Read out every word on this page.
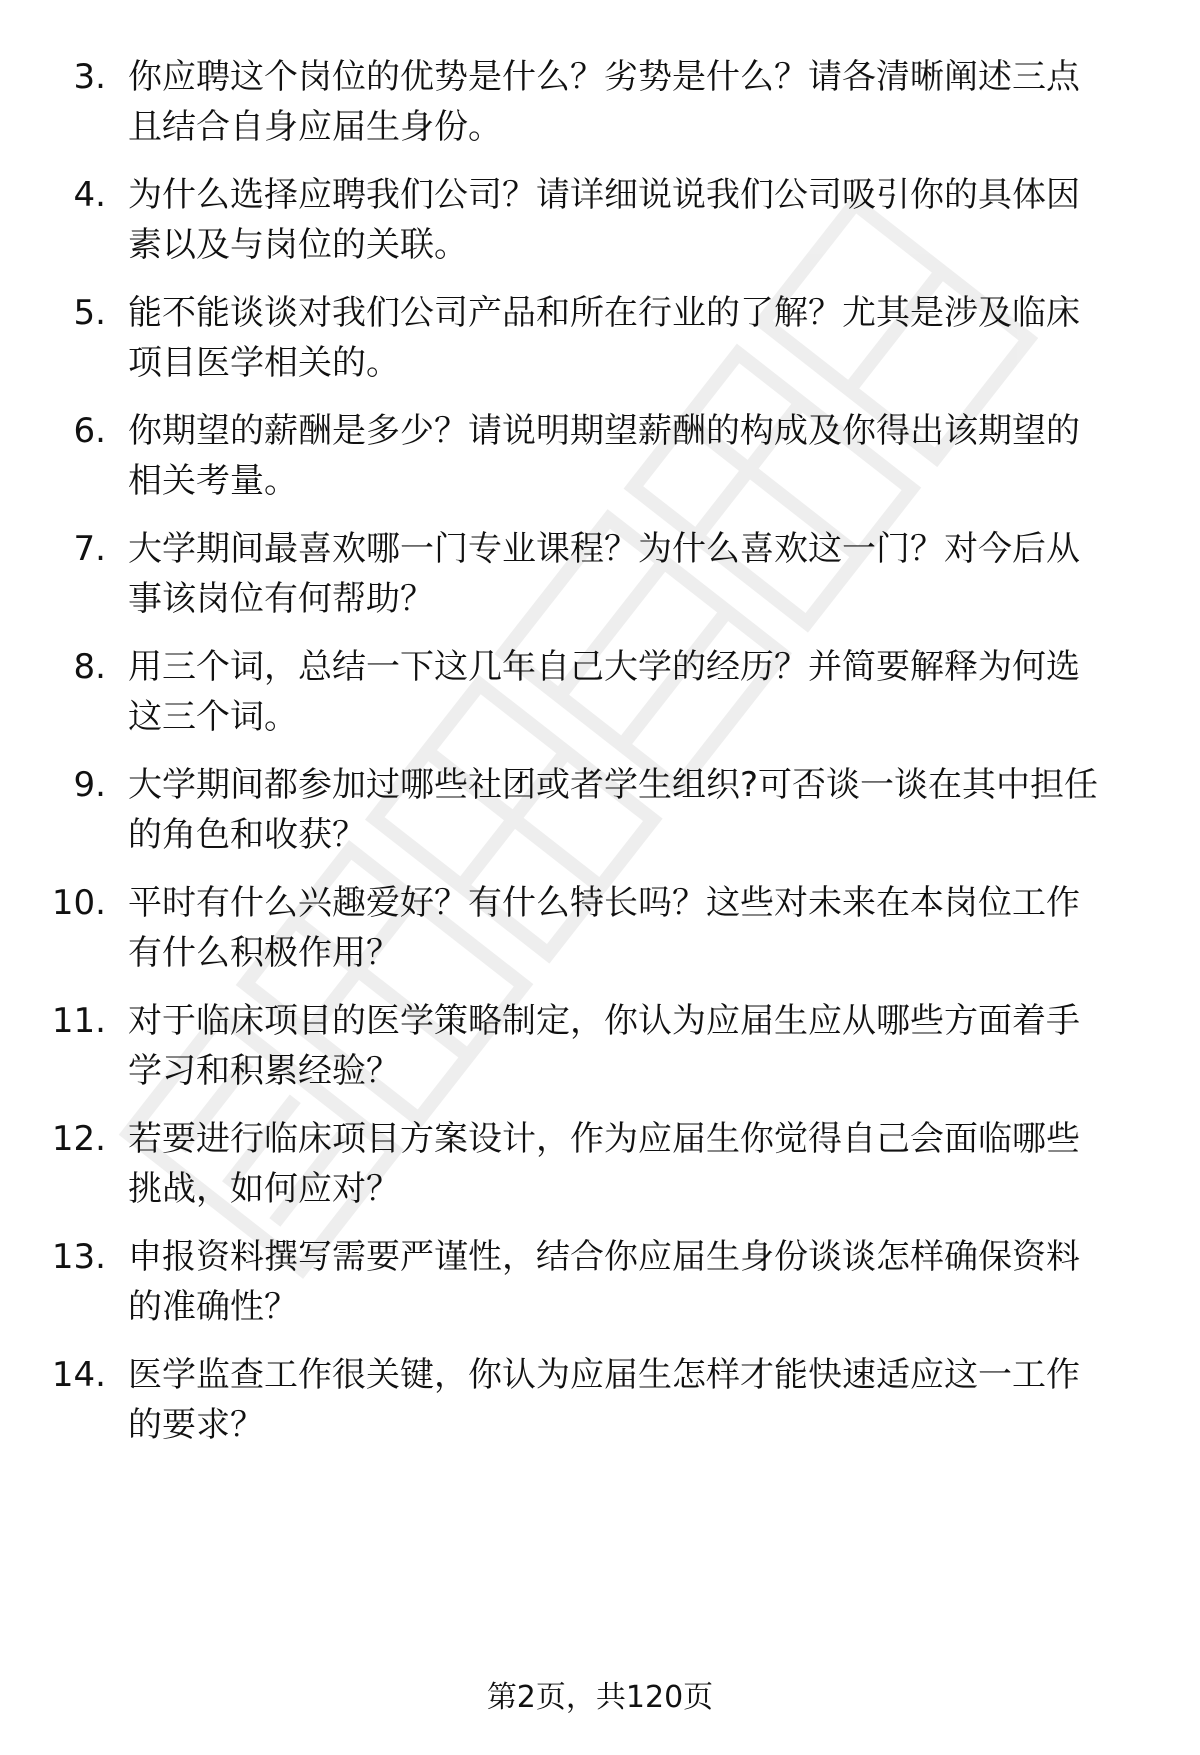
3. 你应聘这个岗位的优势是什么？劣势是什么？请各清晰阐述三点
且结合自身应届生身份。
4. 为什么选择应聘我们公司？请详细说说我们公司吸引你的具体因
素以及与岗位的关联。
5. 能不能谈谈对我们公司产品和所在行业的了解？尤其是涉及临床
项目医学相关的。
6. 你期望的薪酬是多少？请说明期望薪酬的构成及你得出该期望的
相关考量。
7. 大学期间最喜欢哪一门专业课程？为什么喜欢这一门？对今后从
事该岗位有何帮助？
8. 用三个词，总结一下这几年自己大学的经历？并简要解释为何选
这三个词。
9. 大学期间都参加过哪些社团或者学生组织?可否谈一谈在其中担任
的角色和收获？
10. 平时有什么兴趣爱好？有什么特长吗？这些对未来在本岗位工作
有什么积极作用？
11. 对于临床项目的医学策略制定，你认为应届生应从哪些方面着手
学习和积累经验？
12. 若要进行临床项目方案设计，作为应届生你觉得自己会面临哪些
挑战，如何应对？
13. 申报资料撰写需要严谨性，结合你应届生身份谈谈怎样确保资料
的准确性？
14. 医学监查工作很关键，你认为应届生怎样才能快速适应这一工作
的要求？
第2页，共120页
